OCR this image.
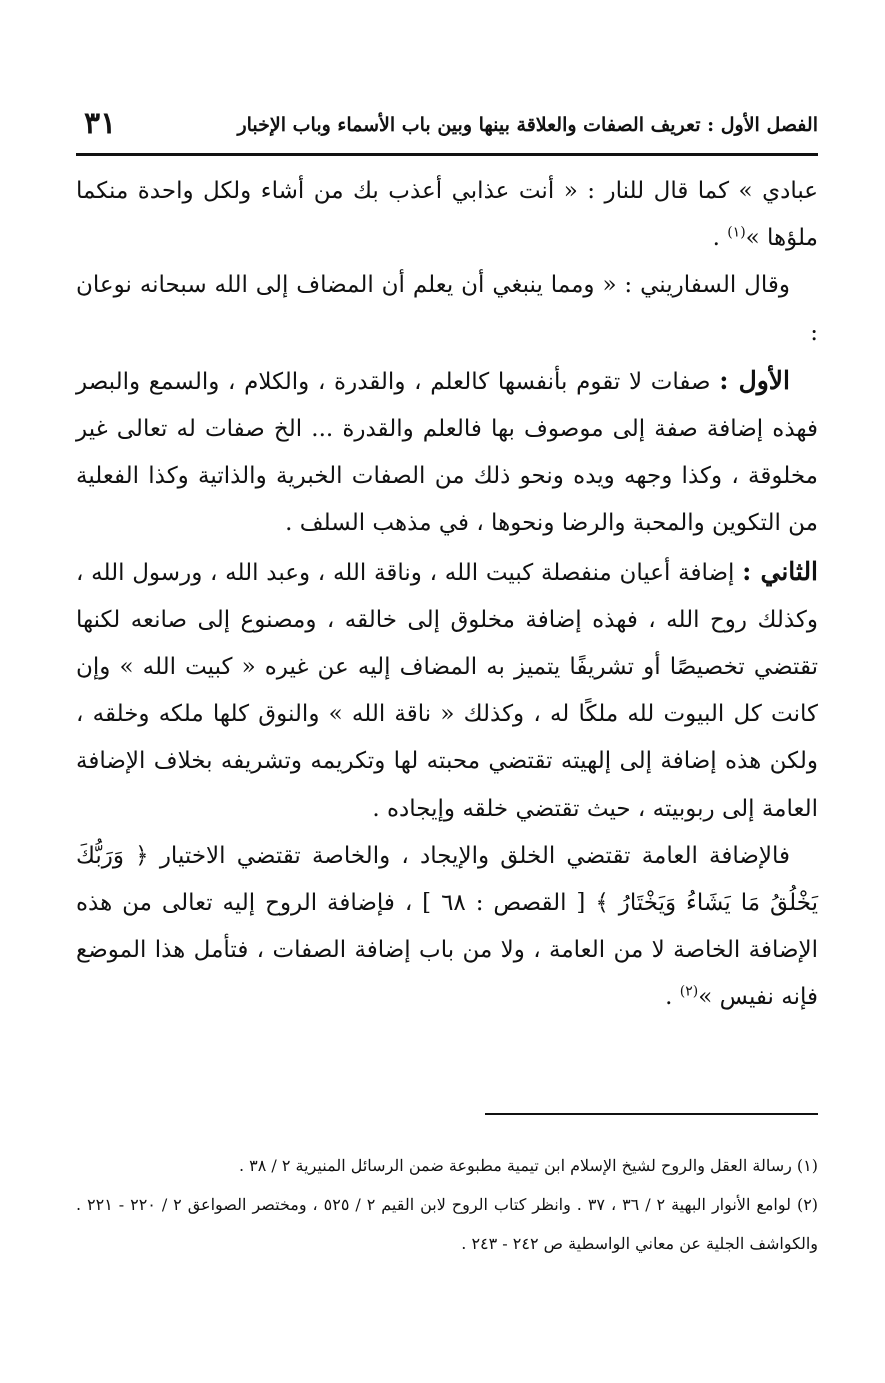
الفصل الأول : تعريف الصفات والعلاقة بينها وبين باب الأسماء وباب الإخبار
٣١

عبادي » كما قال للنار : « أنت عذابي أعذب بك من أشاء ولكل واحدة منكما ملؤها »$^{(١)}$ .

وقال السفاريني : « ومما ينبغي أن يعلم أن المضاف إلى الله سبحانه نوعان :

الأول : صفات لا تقوم بأنفسها كالعلم ، والقدرة ، والكلام ، والسمع والبصر فهذه إضافة صفة إلى موصوف بها فالعلم والقدرة ... الخ صفات له تعالى غير مخلوقة ، وكذا وجهه ويده ونحو ذلك من الصفات الخبرية والذاتية وكذا الفعلية من التكوين والمحبة والرضا ونحوها ، في مذهب السلف .

الثاني : إضافة أعيان منفصلة كبيت الله ، وناقة الله ، وعبد الله ، ورسول الله ، وكذلك روح الله ، فهذه إضافة مخلوق إلى خالقه ، ومصنوع إلى صانعه لكنها تقتضي تخصيصًا أو تشريفًا يتميز به المضاف إليه عن غيره « كبيت الله » وإن كانت كل البيوت لله ملكًا له ، وكذلك « ناقة الله » والنوق كلها ملكه وخلقه ، ولكن هذه إضافة إلى إلهيته تقتضي محبته لها وتكريمه وتشريفه بخلاف الإضافة العامة إلى ربوبيته ، حيث تقتضي خلقه وإيجاده .

فالإضافة العامة تقتضي الخلق والإيجاد ، والخاصة تقتضي الاختيار ﴿ وَرَبُّكَ يَخْلُقُ مَا يَشَاءُ وَيَخْتَارُ ﴾ [ القصص : ٦٨ ] ، فإضافة الروح إليه تعالى من هذه الإضافة الخاصة لا من العامة ، ولا من باب إضافة الصفات ، فتأمل هذا الموضع فإنه نفيس »$^{(٢)}$ .

(١) رسالة العقل والروح لشيخ الإسلام ابن تيمية مطبوعة ضمن الرسائل المنيرية ٢ / ٣٨ .

(٢) لوامع الأنوار البهية ٢ / ٣٦ ، ٣٧ . وانظر كتاب الروح لابن القيم ٢ / ٥٢٥ ، ومختصر الصواعق ٢ / ٢٢٠ - ٢٢١ . والكواشف الجلية عن معاني الواسطية ص ٢٤٢ - ٢٤٣ .
